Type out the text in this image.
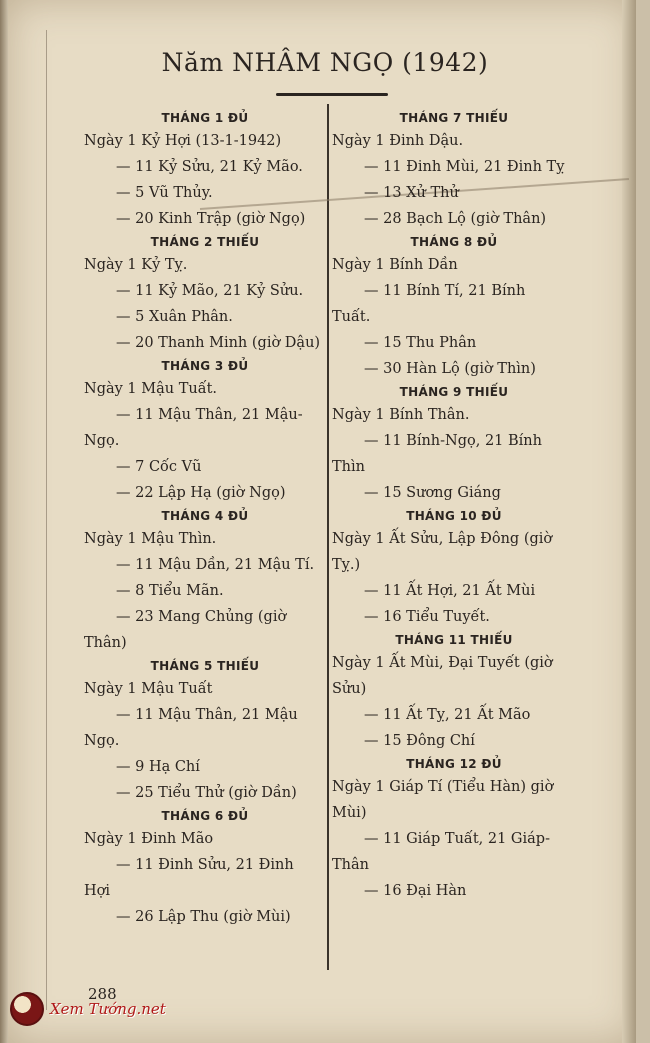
Năm NHÂM NGỌ (1942)
THÁNG 1 ĐỦ
Ngày 1 Kỷ Hợi (13-1-1942)
— 11 Kỷ Sửu, 21 Kỷ Mão.
— 5 Vũ Thủy.
— 20 Kinh Trập (giờ Ngọ)
THÁNG 2 THIẾU
Ngày 1 Kỷ Tỵ.
— 11 Kỷ Mão, 21 Kỷ Sửu.
— 5 Xuân Phân.
— 20 Thanh Minh (giờ Dậu)
THÁNG 3 ĐỦ
Ngày 1 Mậu Tuất.
— 11 Mậu Thân, 21 Mậu-
Ngọ.
— 7 Cốc Vũ
— 22 Lập Hạ (giờ Ngọ)
THÁNG 4 ĐỦ
Ngày 1 Mậu Thìn.
— 11 Mậu Dần, 21 Mậu Tí.
— 8 Tiểu Mãn.
— 23 Mang Chủng (giờ
Thân)
THÁNG 5 THIẾU
Ngày 1 Mậu Tuất
— 11 Mậu Thân, 21 Mậu
Ngọ.
— 9 Hạ Chí
— 25 Tiểu Thử (giờ Dần)
THÁNG 6 ĐỦ
Ngày 1 Đinh Mão
— 11 Đinh Sửu, 21 Đinh
Hợi
— 26 Lập Thu (giờ Mùi)
THÁNG 7 THIẾU
Ngày 1 Đinh Dậu.
— 11 Đinh Mùi, 21 Đinh Tỵ
— 13 Xử Thử
— 28 Bạch Lộ (giờ Thân)
THÁNG 8 ĐỦ
Ngày 1 Bính Dần
— 11 Bính Tí, 21 Bính
Tuất.
— 15 Thu Phân
— 30 Hàn Lộ (giờ Thìn)
THÁNG 9 THIẾU
Ngày 1 Bính Thân.
— 11 Bính-Ngọ, 21 Bính
Thìn
— 15 Sương Giáng
THÁNG 10 ĐỦ
Ngày 1 Ất Sửu, Lập Đông (giờ
Tỵ.)
— 11 Ất Hợi, 21 Ất Mùi
— 16 Tiểu Tuyết.
THÁNG 11 THIẾU
Ngày 1 Ất Mùi, Đại Tuyết (giờ
Sửu)
— 11 Ất Tỵ, 21 Ất Mão
— 15 Đông Chí
THÁNG 12 ĐỦ
Ngày 1 Giáp Tí (Tiểu Hàn) giờ
Mùi)
— 11 Giáp Tuất, 21 Giáp-
Thân
— 16 Đại Hàn
288
Xem Tướng.net
